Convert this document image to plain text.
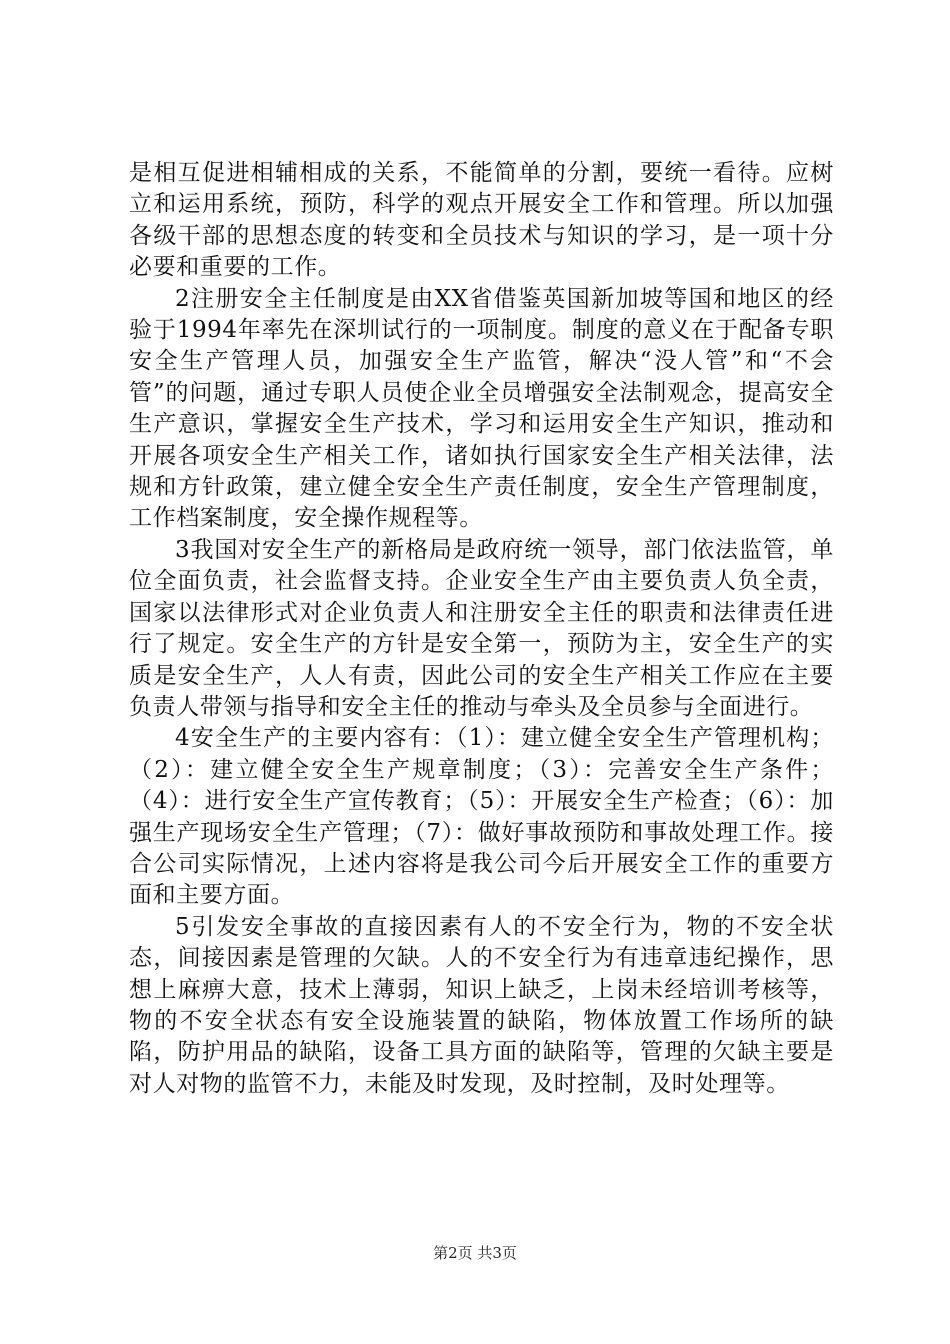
是相互促进相辅相成的关系，不能简单的分割，要统一看待。应树立和运用系统，预防，科学的观点开展安全工作和管理。所以加强各级干部的思想态度的转变和全员技术与知识的学习，是一项十分必要和重要的工作。

2注册安全主任制度是由XX省借鉴英国新加坡等国和地区的经验于1994年率先在深圳试行的一项制度。制度的意义在于配备专职安全生产管理人员，加强安全生产监管，解决“没人管”和“不会管”的问题，通过专职人员使企业全员增强安全法制观念，提高安全生产意识，掌握安全生产技术，学习和运用安全生产知识，推动和开展各项安全生产相关工作，诸如执行国家安全生产相关法律，法规和方针政策，建立健全安全生产责任制度，安全生产管理制度，工作档案制度，安全操作规程等。

3我国对安全生产的新格局是政府统一领导，部门依法监管，单位全面负责，社会监督支持。企业安全生产由主要负责人负全责，国家以法律形式对企业负责人和注册安全主任的职责和法律责任进行了规定。安全生产的方针是安全第一，预防为主，安全生产的实质是安全生产，人人有责，因此公司的安全生产相关工作应在主要负责人带领与指导和安全主任的推动与牵头及全员参与全面进行。

4安全生产的主要内容有：（1）：建立健全安全生产管理机构；（2）：建立健全安全生产规章制度；（3）：完善安全生产条件；（4）：进行安全生产宣传教育；（5）：开展安全生产检查；（6）：加强生产现场安全生产管理；（7）：做好事故预防和事故处理工作。接合公司实际情况，上述内容将是我公司今后开展安全工作的重要方面和主要方面。

5引发安全事故的直接因素有人的不安全行为，物的不安全状态，间接因素是管理的欠缺。人的不安全行为有违章违纪操作，思想上麻痹大意，技术上薄弱，知识上缺乏，上岗未经培训考核等，物的不安全状态有安全设施装置的缺陷，物体放置工作场所的缺陷，防护用品的缺陷，设备工具方面的缺陷等，管理的欠缺主要是对人对物的监管不力，未能及时发现，及时控制，及时处理等。

第2页 共3页
